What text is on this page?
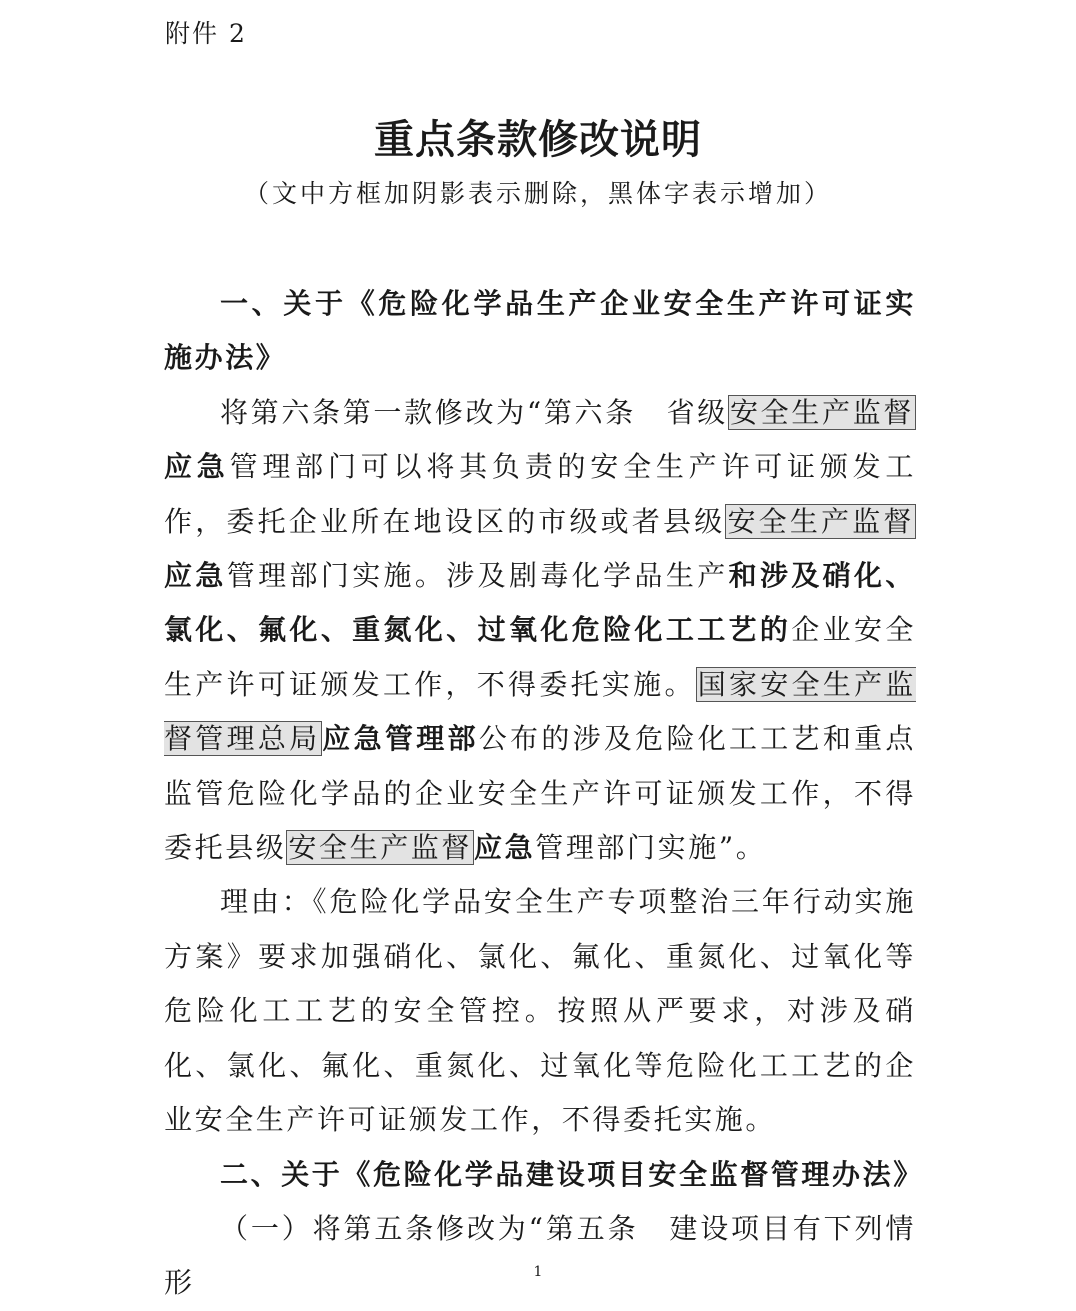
附件 2
重点条款修改说明
（文中方框加阴影表示删除，黑体字表示增加）

一、关于《危险化学品生产企业安全生产许可证实施办法》

将第六条第一款修改为“第六条　省级安全生产监督应急管理部门可以将其负责的安全生产许可证颁发工作，委托企业所在地设区的市级或者县级安全生产监督应急管理部门实施。涉及剧毒化学品生产和涉及硝化、氯化、氟化、重氮化、过氧化危险化工工艺的企业安全生产许可证颁发工作，不得委托实施。国家安全生产监督管理总局应急管理部公布的涉及危险化工工艺和重点监管危险化学品的企业安全生产许可证颁发工作，不得委托县级安全生产监督应急管理部门实施”。

理由：《危险化学品安全生产专项整治三年行动实施方案》要求加强硝化、氯化、氟化、重氮化、过氧化等危险化工工艺的安全管控。按照从严要求，对涉及硝化、氯化、氟化、重氮化、过氧化等危险化工工艺的企业安全生产许可证颁发工作，不得委托实施。

二、关于《危险化学品建设项目安全监督管理办法》

（一）将第五条修改为“第五条　建设项目有下列情形	1
